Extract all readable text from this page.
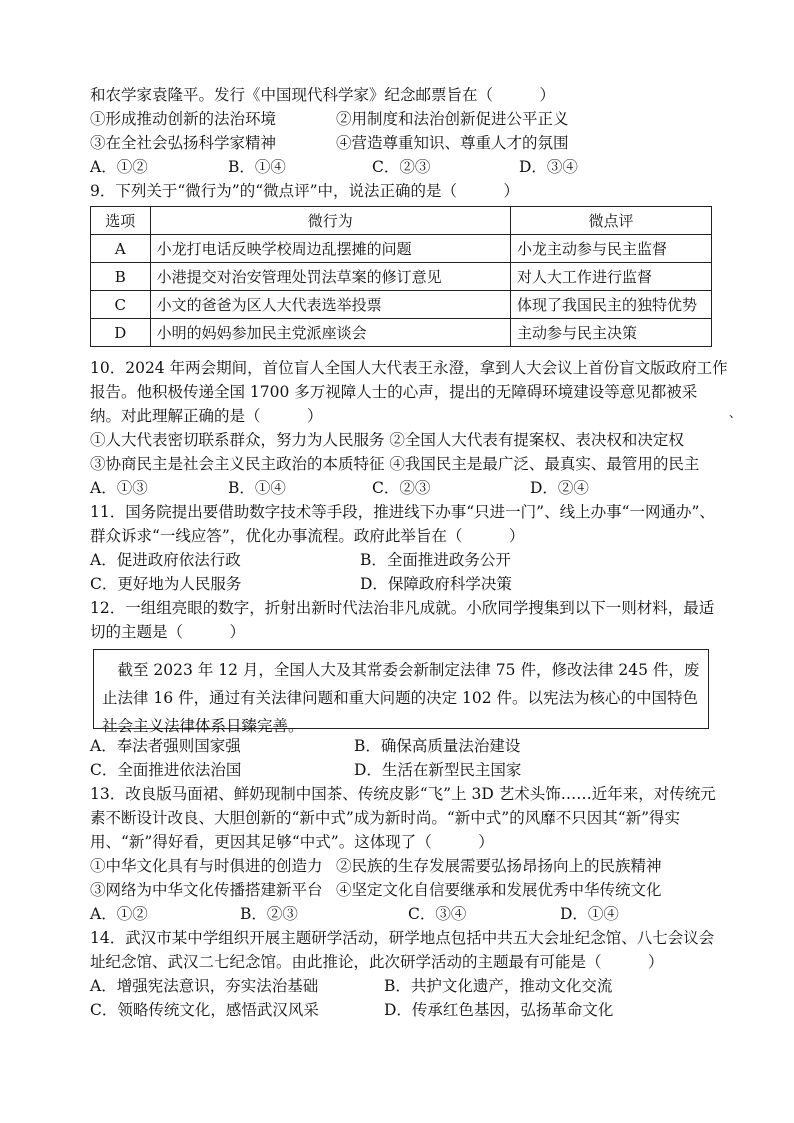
和农学家袁隆平。发行《中国现代科学家》纪念邮票旨在（　　　）
①形成推动创新的法治环境	②用制度和法治创新促进公平正义
③在全社会弘扬科学家精神	④营造尊重知识、尊重人才的氛围
A．①②	B．①④	C．②③	D．③④
9．下列关于“微行为”的“微点评”中，说法正确的是（　　　）
选项	微行为	微点评
A	小龙打电话反映学校周边乱摆摊的问题	小龙主动参与民主监督
B	小港提交对治安管理处罚法草案的修订意见	对人大工作进行监督
C	小文的爸爸为区人大代表选举投票	体现了我国民主的独特优势
D	小明的妈妈参加民主党派座谈会	主动参与民主决策
10．2024 年两会期间，首位盲人全国人大代表王永澄，拿到人大会议上首份盲文版政府工作
报告。他积极传递全国 1700 多万视障人士的心声，提出的无障碍环境建设等意见都被采
纳。对此理解正确的是（　　　）	、
①人大代表密切联系群众，努力为人民服务 ②全国人大代表有提案权、表决权和决定权
③协商民主是社会主义民主政治的本质特征 ④我国民主是最广泛、最真实、最管用的民主
A．①③	B．①④	C．②③	D．②④
11．国务院提出要借助数字技术等手段，推进线下办事“只进一门”、线上办事“一网通办”、
群众诉求“一线应答”，优化办事流程。政府此举旨在（　　　）
A．促进政府依法行政	B．全面推进政务公开
C．更好地为人民服务	D．保障政府科学决策
12．一组组亮眼的数字，折射出新时代法治非凡成就。小欣同学搜集到以下一则材料，最适
切的主题是（　　　）
　截至 2023 年 12 月，全国人大及其常委会新制定法律 75 件，修改法律 245 件，废
止法律 16 件，通过有关法律问题和重大问题的决定 102 件。以宪法为核心的中国特色
社会主义法律体系日臻完善。
A．奉法者强则国家强	B．确保高质量法治建设
C．全面推进依法治国	D．生活在新型民主国家
13．改良版马面裙、鲜奶现制中国茶、传统皮影“飞”上 3D 艺术头饰……近年来，对传统元
素不断设计改良、大胆创新的“新中式”成为新时尚。“新中式”的风靡不只因其“新”得实
用、“新”得好看，更因其足够“中式”。这体现了（　　　）
①中华文化具有与时俱进的创造力 ②民族的生存发展需要弘扬昂扬向上的民族精神
③网络为中华文化传播搭建新平台 ④坚定文化自信要继承和发展优秀中华传统文化
A．①②	B．②③	C．③④	D．①④
14．武汉市某中学组织开展主题研学活动，研学地点包括中共五大会址纪念馆、八七会议会
址纪念馆、武汉二七纪念馆。由此推论，此次研学活动的主题最有可能是（　　　）
A．增强宪法意识，夯实法治基础	B．共护文化遗产，推动文化交流
C．领略传统文化，感悟武汉风采	D．传承红色基因，弘扬革命文化
